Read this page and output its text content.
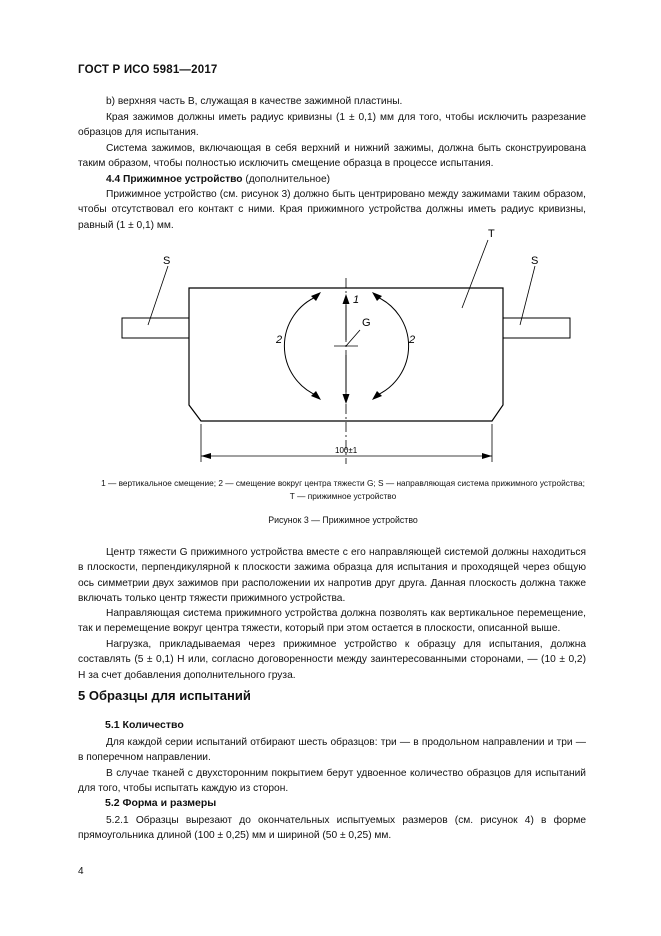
ГОСТ Р ИСО 5981—2017
b) верхняя часть B, служащая в качестве зажимной пластины.
Края зажимов должны иметь радиус кривизны (1 ± 0,1) мм для того, чтобы исключить разрезание образцов для испытания.
Система зажимов, включающая в себя верхний и нижний зажимы, должна быть сконструирована таким образом, чтобы полностью исключить смещение образца в процессе испытания.
4.4 Прижимное устройство (дополнительное)
Прижимное устройство (см. рисунок 3) должно быть центрировано между зажимами таким образом, чтобы отсутствовал его контакт с ними. Края прижимного устройства должны иметь радиус кривизны, равный (1 ± 0,1) мм.
S	S
T
G
1
2	2
100±1
1 — вертикальное смещение; 2 — смещение вокруг центра тяжести G; S — направляющая система прижимного устройства;
Т — прижимное устройство
Рисунок 3 — Прижимное устройство
Центр тяжести G прижимного устройства вместе с его направляющей системой должны находиться в плоскости, перпендикулярной к плоскости зажима образца для испытания и проходящей через общую ось симметрии двух зажимов при расположении их напротив друг друга. Данная плоскость должна также включать только центр тяжести прижимного устройства.
Направляющая система прижимного устройства должна позволять как вертикальное перемещение, так и перемещение вокруг центра тяжести, который при этом остается в плоскости, описанной выше.
Нагрузка, прикладываемая через прижимное устройство к образцу для испытания, должна составлять (5 ± 0,1) Н или, согласно договоренности между заинтересованными сторонами, — (10 ± 0,2) Н за счет добавления дополнительного груза.
5 Образцы для испытаний
5.1 Количество
Для каждой серии испытаний отбирают шесть образцов: три — в продольном направлении и три — в поперечном направлении.
В случае тканей с двухсторонним покрытием берут удвоенное количество образцов для испытаний для того, чтобы испытать каждую из сторон.
5.2 Форма и размеры
5.2.1 Образцы вырезают до окончательных испытуемых размеров (см. рисунок 4) в форме прямоугольника длиной (100 ± 0,25) мм и шириной (50 ± 0,25) мм.
4
